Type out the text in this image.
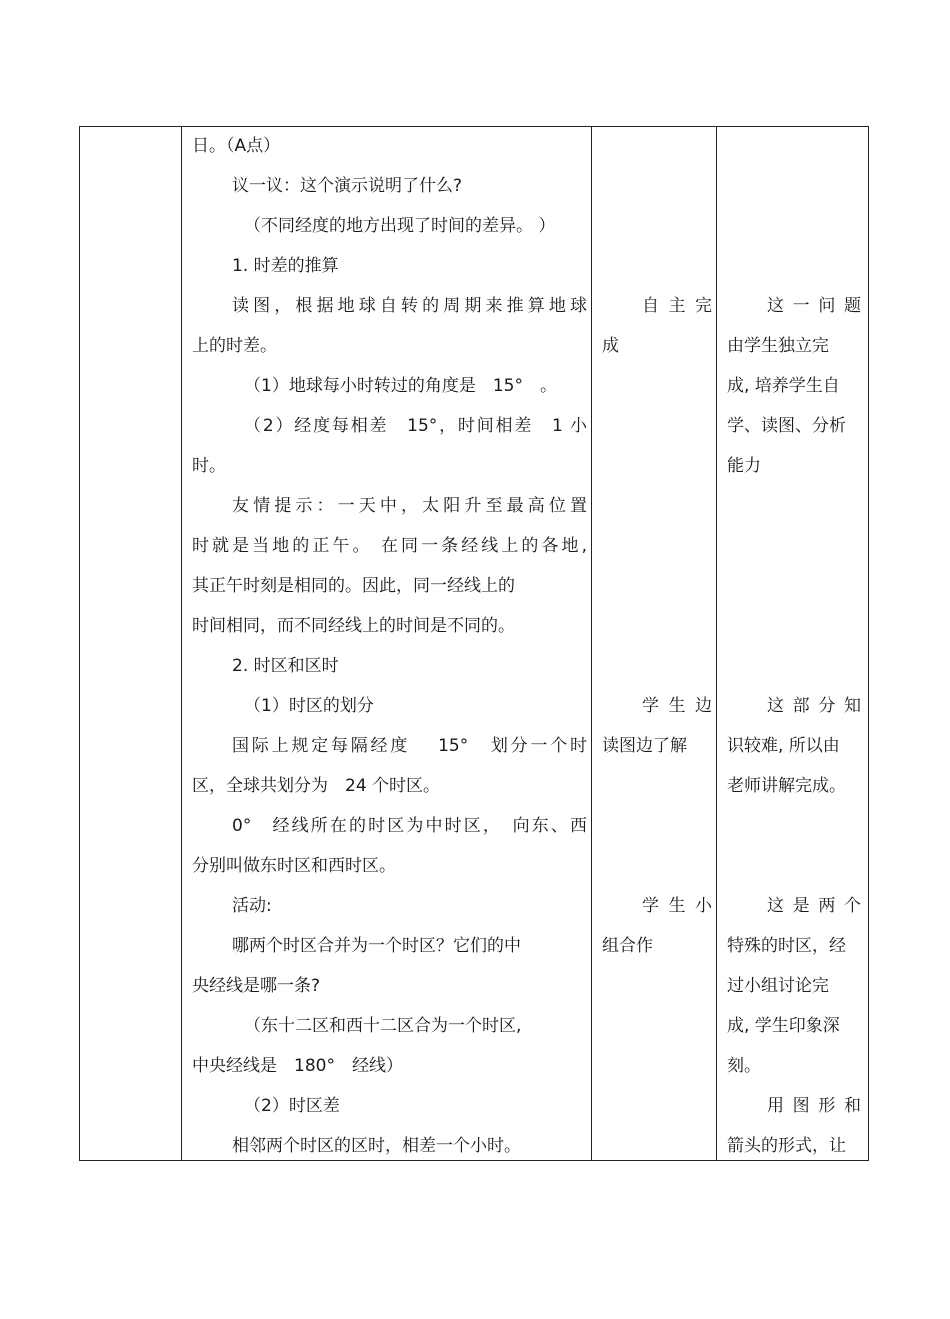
日。（A点）
议一议：这个演示说明了什么?
（不同经度的地方出现了时间的差异。 ）
1. 时差的推算
读图，根据地球自转的周期来推算地球
上的时差。
（1）地球每小时转过的角度是　15°　。
（2）经度每相差　15°，时间相差　1 小
时。
友情提示：一天中，太阳升至最高位置
时就是当地的正午。 在同一条经线上的各地,
其正午时刻是相同的。因此，同一经线上的
时间相同，而不同经线上的时间是不同的。
2. 时区和区时
（1）时区的划分
国际上规定每隔经度　 15°　划分一个时
区，全球共划分为　24 个时区。
0°　经线所在的时区为中时区，　向东、西
分别叫做东时区和西时区。
活动:
哪两个时区合并为一个时区？它们的中
央经线是哪一条?
（东十二区和西十二区合为一个时区,
中央经线是　180°　经线）
（2）时区差
相邻两个时区的区时，相差一个小时。
自主完
成
学生边
读图边了解
学生小
组合作
这一问题
由学生独立完
成, 培养学生自
学、读图、分析
能力
这部分知
识较难, 所以由
老师讲解完成。
这是两个
特殊的时区，经
过小组讨论完
成, 学生印象深
刻。
用图形和
箭头的形式，让
